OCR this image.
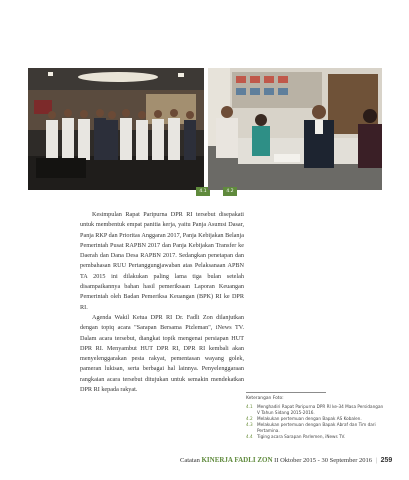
4.1	4.2

Kesimpulan Rapat Paripurna DPR RI tersebut disepakati untuk membentuk empat panitia kerja, yaitu Panja Asumsi Dasar, Panja RKP dan Prioritas Anggaran 2017, Panja Kebijakan Belanja Pemerintah Pusat RAPBN 2017 dan Panja Kebijakan Transfer ke Daerah dan Dana Desa RAPBN 2017. Sedangkan penetapan dan pembahasan RUU Pertanggungjawaban atas Pelaksanaan APBN TA 2015 ini dilakukan paling lama tiga bulan setelah disampaikannya bahan hasil pemeriksaan Laporan Keuangan Pemerintah oleh Badan Pemeriksa Keuangan (BPK) RI ke DPR RI.

Agenda Wakil Ketua DPR RI Dr. Fadli Zon dilanjutkan dengan topiq acara "Sarapan Bersama Pizleman", iNews TV. Dalam acara tersebut, diangkat topik mengenai persiapan HUT DPR RI. Menyambut HUT DPR RI, DPR RI kembali akan menyelenggarakan pesta rakyat, pementasan wayang golek, pameran lukisan, serta berbagai hal lainnya. Penyelenggaraan rangkaian acara tersebut ditujukan untuk semakin mendekatkan DPR RI kepada rakyat.

Keterangan Foto:
4.1	Menghadiri Rapat Paripurna DPR RI ke-34 Masa Persidangan V Tahun Sidang 2015-2016.
4.2	Melakukan pertemuan dengan Bapak AS Kobalen.
4.3	Melakukan pertemuan dengan Bapak Abraf dan Tim dari Pertamina.
4.4	Tiging acara Sarapan Parlemen, iNews TV.
Catatan KINERJA FADLI ZON II Oktober 2015 - 30 September 2016 | 259
